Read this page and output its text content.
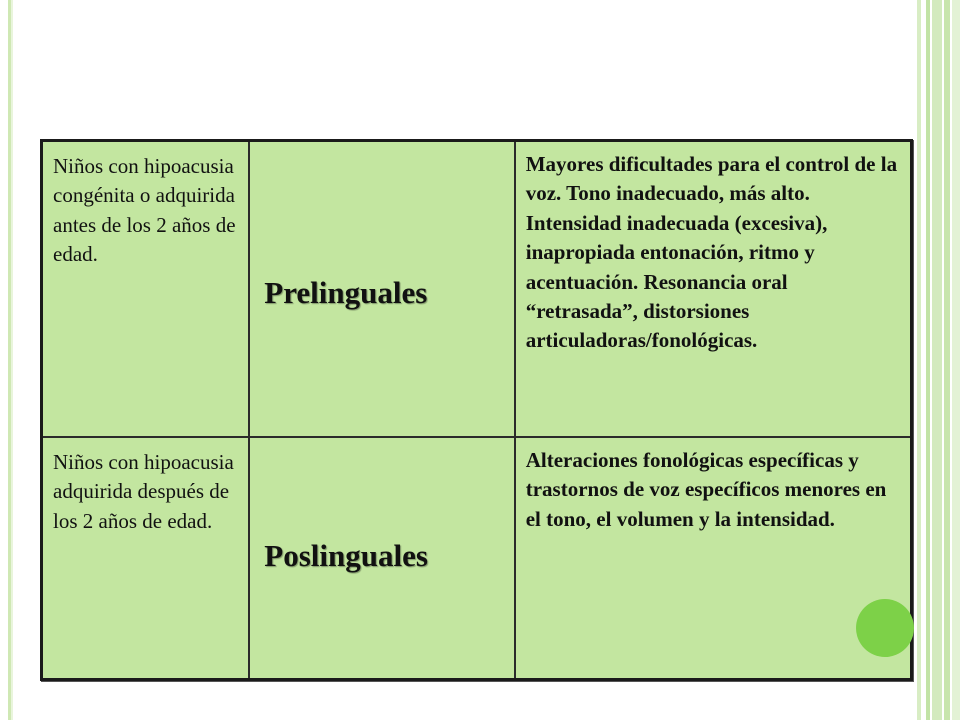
Niños con hipoacusia congénita o adquirida antes de los 2 años de edad.	Prelinguales	Mayores dificultades para el control de la voz. Tono inadecuado, más alto. Intensidad inadecuada (excesiva), inapropiada entonación, ritmo y acentuación. Resonancia oral “retrasada”, distorsiones articuladoras/fonológicas.
Niños con hipoacusia adquirida después de los 2 años de edad.	Poslinguales	Alteraciones fonológicas específicas y trastornos de voz específicos menores en el tono, el volumen y la intensidad.
